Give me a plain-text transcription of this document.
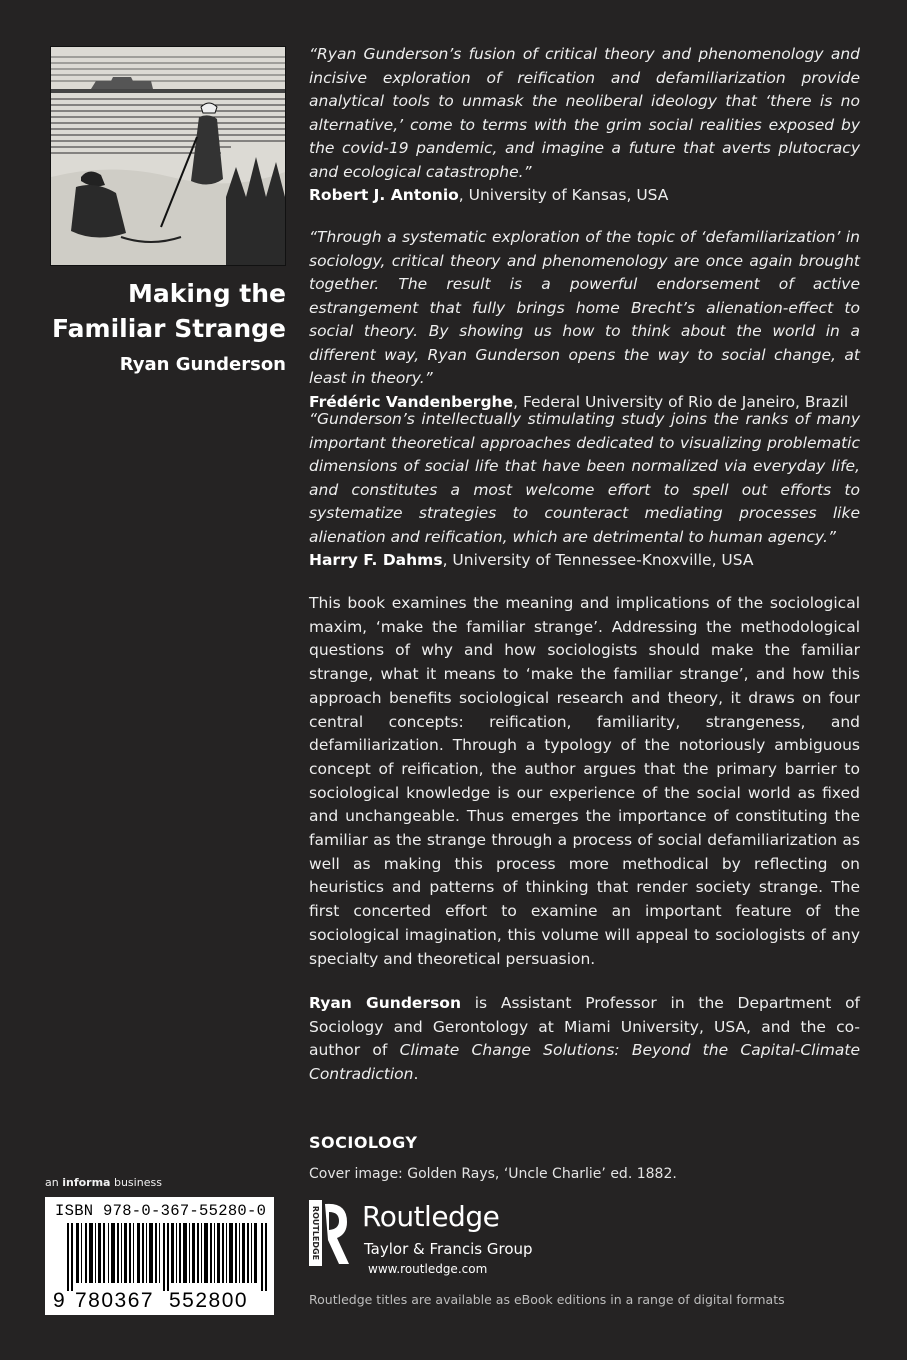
Making the
Familiar Strange
Ryan Gunderson

“Ryan Gunderson’s fusion of critical theory and phenomenology and incisive exploration of reification and defamiliarization provide analytical tools to unmask the neoliberal ideology that ‘there is no alternative,’ come to terms with the grim social realities exposed by the covid-19 pandemic, and imagine a future that averts plutocracy and ecological catastrophe.”

Robert J. Antonio, University of Kansas, USA

“Through a systematic exploration of the topic of ‘defamiliarization’ in sociology, critical theory and phenomenology are once again brought together. The result is a powerful endorsement of active estrangement that fully brings home Brecht’s alienation-effect to social theory. By showing us how to think about the world in a different way, Ryan Gunderson opens the way to social change, at least in theory.”

Frédéric Vandenberghe, Federal University of Rio de Janeiro, Brazil

“Gunderson’s intellectually stimulating study joins the ranks of many important theoretical approaches dedicated to visualizing problematic dimensions of social life that have been normalized via everyday life, and constitutes a most welcome effort to spell out efforts to systematize strategies to counteract mediating processes like alienation and reification, which are detrimental to human agency.”

Harry F. Dahms, University of Tennessee-Knoxville, USA

This book examines the meaning and implications of the sociological maxim, ‘make the familiar strange’. Addressing the methodological questions of why and how sociologists should make the familiar strange, what it means to ‘make the familiar strange’, and how this approach benefits sociological research and theory, it draws on four central concepts: reification, familiarity, strangeness, and defamiliarization. Through a typology of the notoriously ambiguous concept of reification, the author argues that the primary barrier to sociological knowledge is our experience of the social world as fixed and unchangeable. Thus emerges the importance of constituting the familiar as the strange through a process of social defamiliarization as well as making this process more methodical by reflecting on heuristics and patterns of thinking that render society strange. The first concerted effort to examine an important feature of the sociological imagination, this volume will appeal to sociologists of any specialty and theoretical persuasion.

Ryan Gunderson is Assistant Professor in the Department of Sociology and Gerontology at Miami University, USA, and the co-author of Climate Change Solutions: Beyond the Capital-Climate Contradiction.

SOCIOLOGY
Cover image: Golden Rays, ‘Uncle Charlie’ ed. 1882.
an informa business
ISBN 978-0-367-55280-0
9 780367 552800
ROUTLEDGE Routledge
Taylor & Francis Group
www.routledge.com
Routledge titles are available as eBook editions in a range of digital formats
